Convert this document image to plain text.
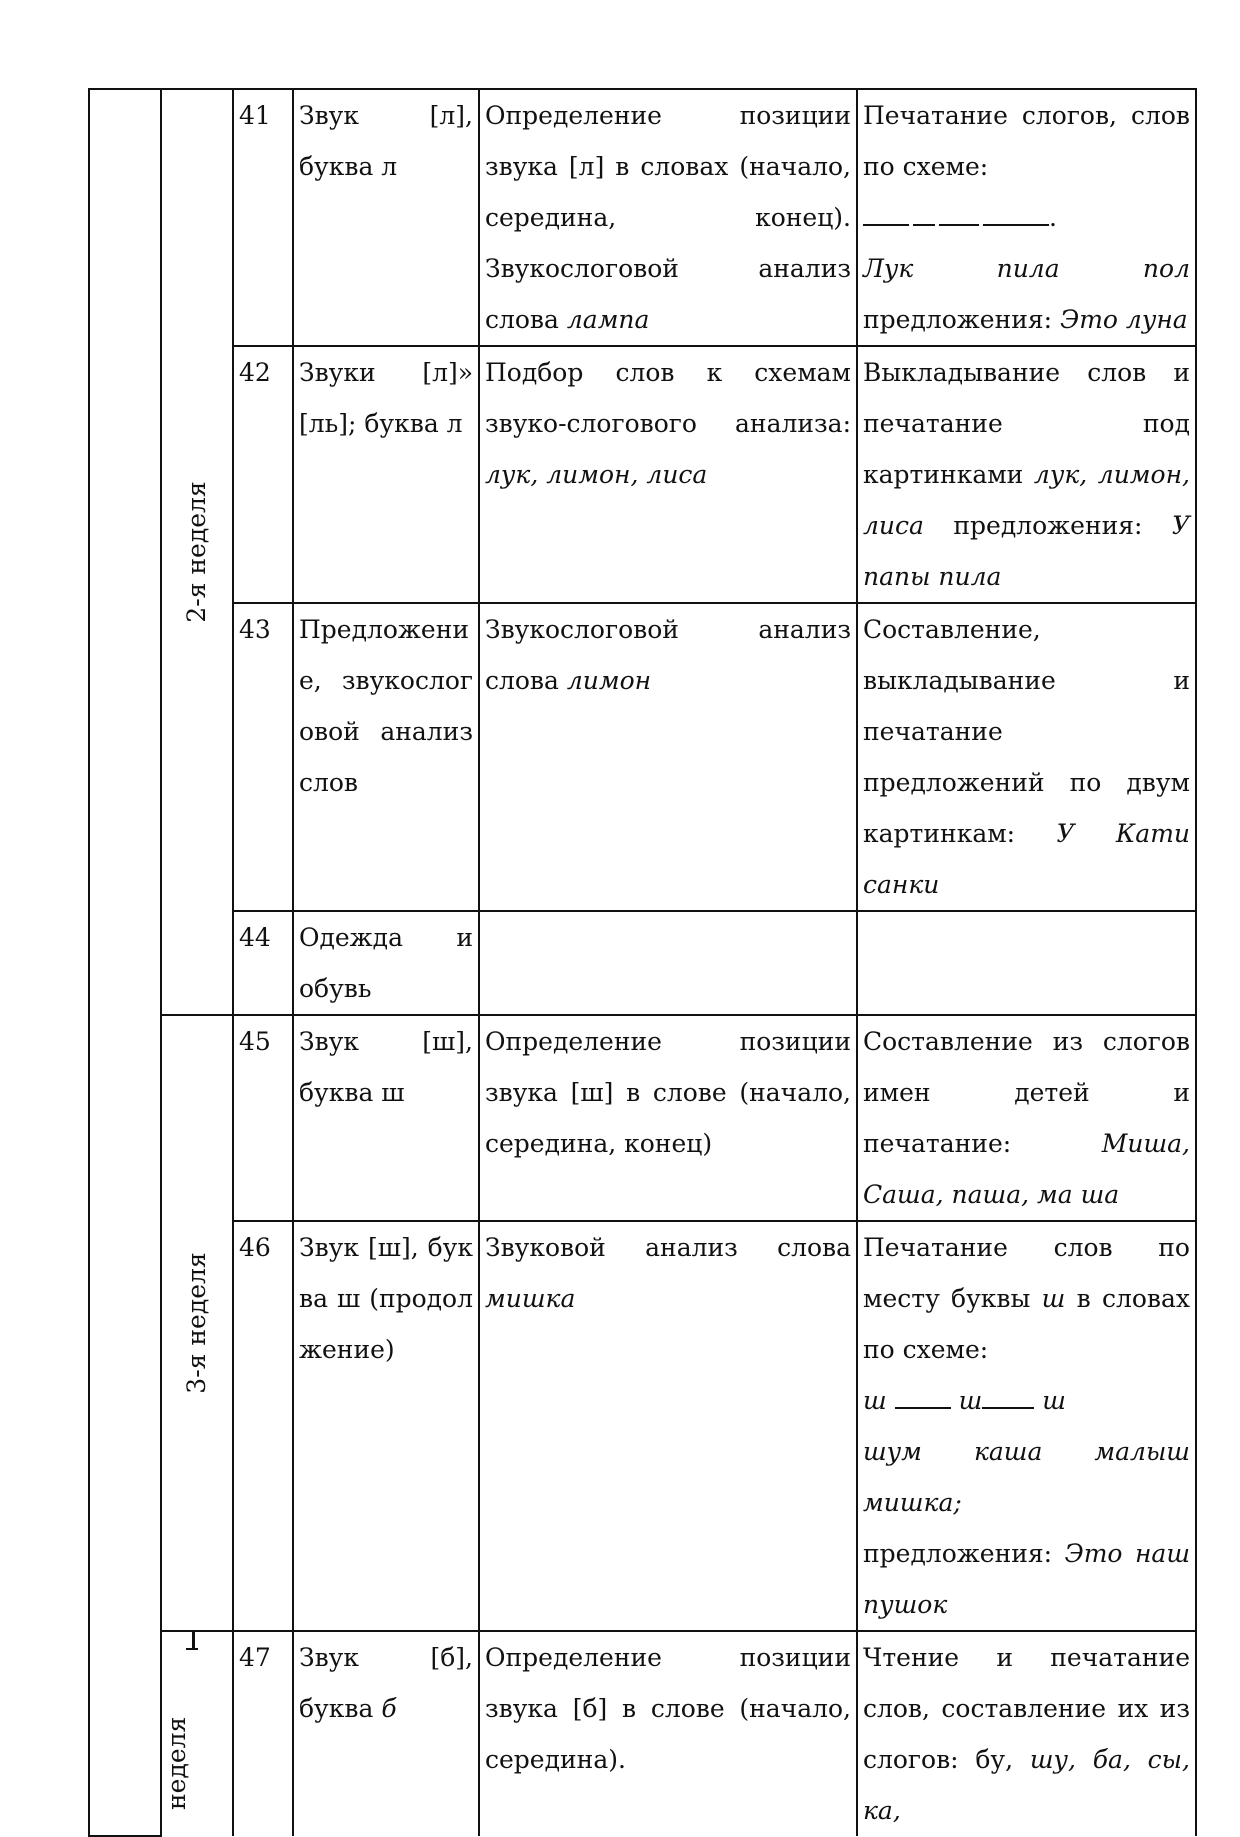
	2-я неделя	41	Звук [л], буква л	Определение позиции звука [л] в словах (начало, середина, конец). Звукослоговой анализ слова лампа	Печатание слогов, слов по схеме:
.
Лук пила пол
предложения: Это луна
		42	Звуки [л]» [ль]; буква л	Подбор слов к схемам звуко-слогового анализа: лук, лимон, лиса	Выкладывание слов и печатание под картинками лук, лимон, лиса предложения: У папы пила
		43	Предложение, звукослоговой анализ слов	Звукослоговой анализ слова лимон	Составление, выкладывание и печатание предложений по двум картинкам: У Кати санки
		44	Одежда и обувь		

	3-я неделя	45	Звук [ш], буква ш	Определение позиции звука [ш] в слове (начало, середина, конец)	Составление из слогов имен детей и печатание: Миша, Саша, паша, ма ша
		46	Звук [ш], буква ш (продолжение)	Звуковой анализ слова мишка	Печатание слов по месту буквы ш в словах по схеме:
ш ш ш
шум каша малыш мишка;
предложения: Это наш пушок

	неделя	47	Звук [б], буква б	Определение позиции звука [б] в слове (начало, середина).	Чтение и печатание слов, составление их из слогов: бу, шу, ба, сы, ка,
